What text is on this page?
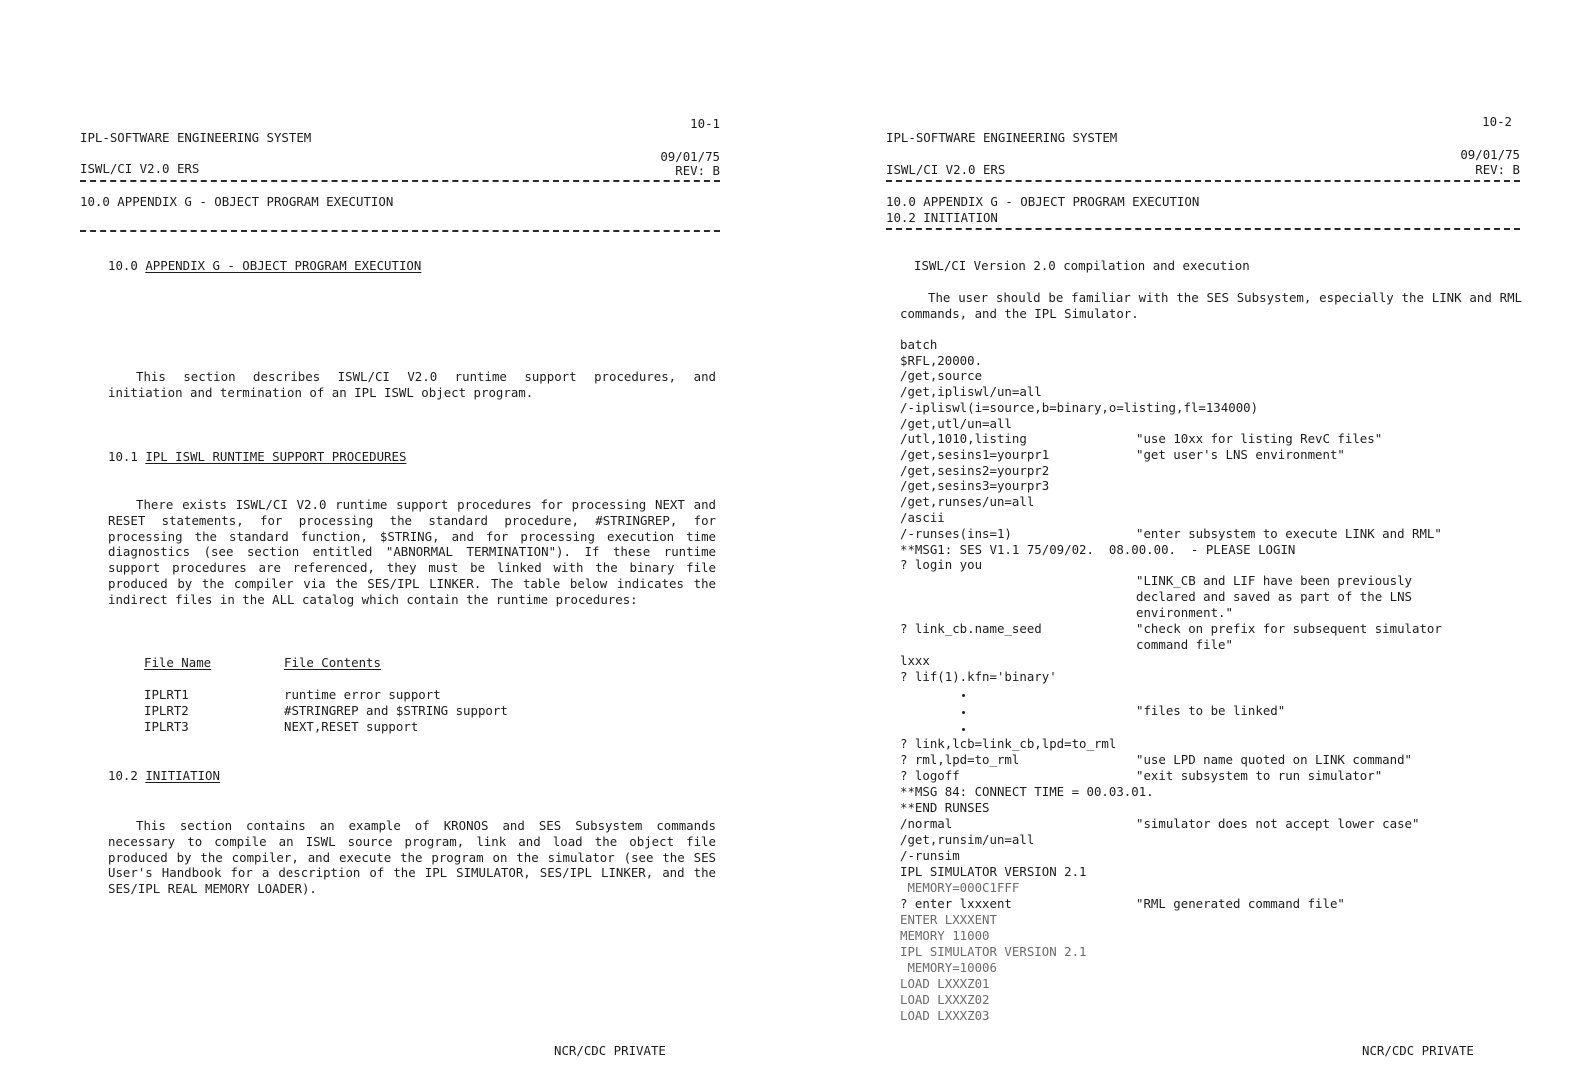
10-1
IPL-SOFTWARE ENGINEERING SYSTEM
09/01/75
ISWL/CI V2.0 ERS	REV: B
10.0 APPENDIX G - OBJECT PROGRAM EXECUTION
10.0 APPENDIX G - OBJECT PROGRAM EXECUTION
This section describes ISWL/CI V2.0 runtime support procedures, and initiation and termination of an IPL ISWL object program.
10.1 IPL ISWL RUNTIME SUPPORT PROCEDURES
There exists ISWL/CI V2.0 runtime support procedures for processing NEXT and RESET statements, for processing the standard procedure, #STRINGREP, for processing the standard function, $STRING, and for processing execution time diagnostics (see section entitled "ABNORMAL TERMINATION"). If these runtime support procedures are referenced, they must be linked with the binary file produced by the compiler via the SES/IPL LINKER. The table below indicates the indirect files in the ALL catalog which contain the runtime procedures:
File Name	File Contents
IPLRT1	runtime error support
IPLRT2	#STRINGREP and $STRING support
IPLRT3	NEXT,RESET support
10.2 INITIATION
This section contains an example of KRONOS and SES Subsystem commands necessary to compile an ISWL source program, link and load the object file produced by the compiler, and execute the program on the simulator (see the SES User's Handbook for a description of the IPL SIMULATOR, SES/IPL LINKER, and the SES/IPL REAL MEMORY LOADER).
NCR/CDC PRIVATE
10-2
IPL-SOFTWARE ENGINEERING SYSTEM
09/01/75
ISWL/CI V2.0 ERS	REV: B
10.0 APPENDIX G - OBJECT PROGRAM EXECUTION
10.2 INITIATION
ISWL/CI Version 2.0 compilation and execution
The user should be familiar with the SES Subsystem, especially the LINK and RML commands, and the IPL Simulator.
batch
$RFL,20000.
/get,source
/get,ipliswl/un=all
/-ipliswl(i=source,b=binary,o=listing,fl=134000)
/get,utl/un=all
/utl,1010,listing	"use 10xx for listing RevC files"
/get,sesins1=yourpr1	"get user's LNS environment"
/get,sesins2=yourpr2
/get,sesins3=yourpr3
/get,runses/un=all
/ascii
/-runses(ins=1)	"enter subsystem to execute LINK and RML"
**MSG1: SES V1.1 75/09/02.  08.00.00.  - PLEASE LOGIN
? login you
"LINK_CB and LIF have been previously
declared and saved as part of the LNS
environment."
? link_cb.name_seed	"check on prefix for subsequent simulator
command file"
lxxx
? lif(1).kfn='binary'
"files to be linked"
? link,lcb=link_cb,lpd=to_rml
? rml,lpd=to_rml	"use LPD name quoted on LINK command"
? logoff	"exit subsystem to run simulator"
**MSG 84: CONNECT TIME = 00.03.01.
**END RUNSES
/normal	"simulator does not accept lower case"
/get,runsim/un=all
/-runsim
IPL SIMULATOR VERSION 2.1
MEMORY=000C1FFF
? enter lxxxent	"RML generated command file"
ENTER LXXXENT
MEMORY 11000
IPL SIMULATOR VERSION 2.1
MEMORY=10006
LOAD LXXXZ01
LOAD LXXXZ02
LOAD LXXXZ03
NCR/CDC PRIVATE
